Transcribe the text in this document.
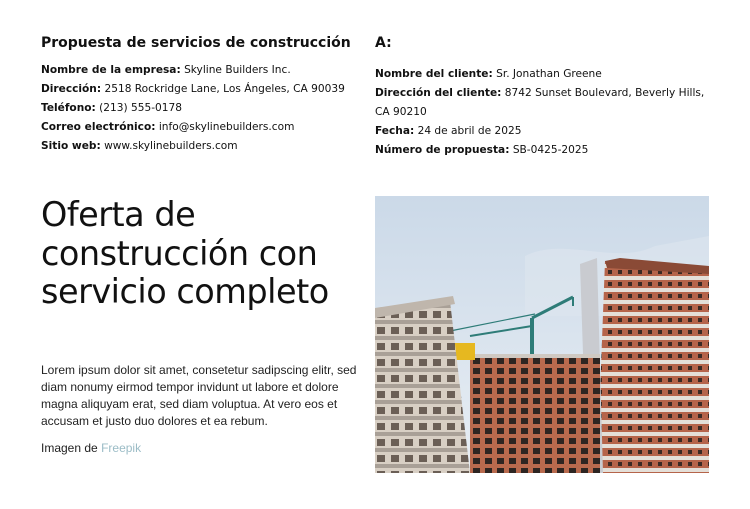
Propuesta de servicios de construcción
Nombre de la empresa: Skyline Builders Inc.
Dirección: 2518 Rockridge Lane, Los Ángeles, CA 90039
Teléfono: (213) 555-0178
Correo electrónico: info@skylinebuilders.com
Sitio web: www.skylinebuilders.com
A:
Nombre del cliente: Sr. Jonathan Greene
Dirección del cliente: 8742 Sunset Boulevard, Beverly Hills, CA 90210
Fecha: 24 de abril de 2025
Número de propuesta: SB-0425-2025
Oferta de construcción con servicio completo

Lorem ipsum dolor sit amet, consetetur sadipscing elitr, sed diam nonumy eirmod tempor invidunt ut labore et dolore magna aliquyam erat, sed diam voluptua. At vero eos et accusam et justo duo dolores et ea rebum.

Imagen de Freepik
